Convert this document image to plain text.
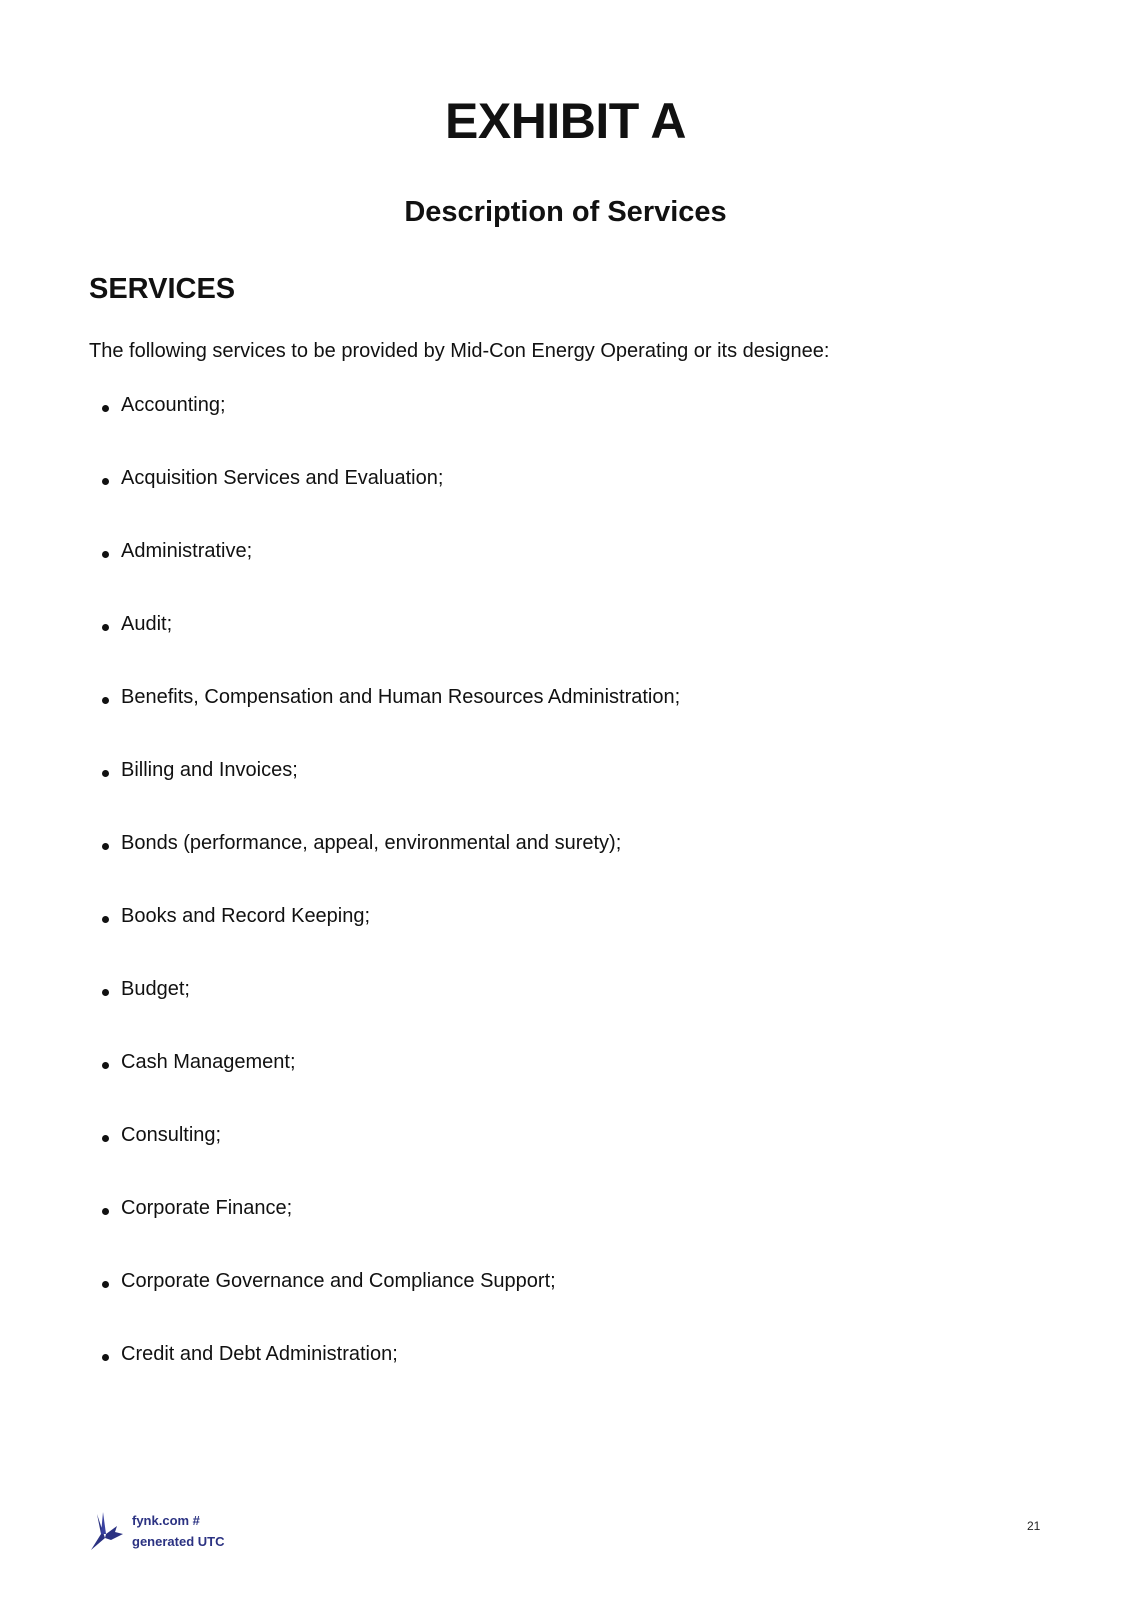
EXHIBIT A
Description of Services
SERVICES

The following services to be provided by Mid-Con Energy Operating or its designee:

Accounting;
Acquisition Services and Evaluation;
Administrative;
Audit;
Benefits, Compensation and Human Resources Administration;
Billing and Invoices;
Bonds (performance, appeal, environmental and surety);
Books and Record Keeping;
Budget;
Cash Management;
Consulting;
Corporate Finance;
Corporate Governance and Compliance Support;
Credit and Debt Administration;
fynk.com #
generated UTC
21
